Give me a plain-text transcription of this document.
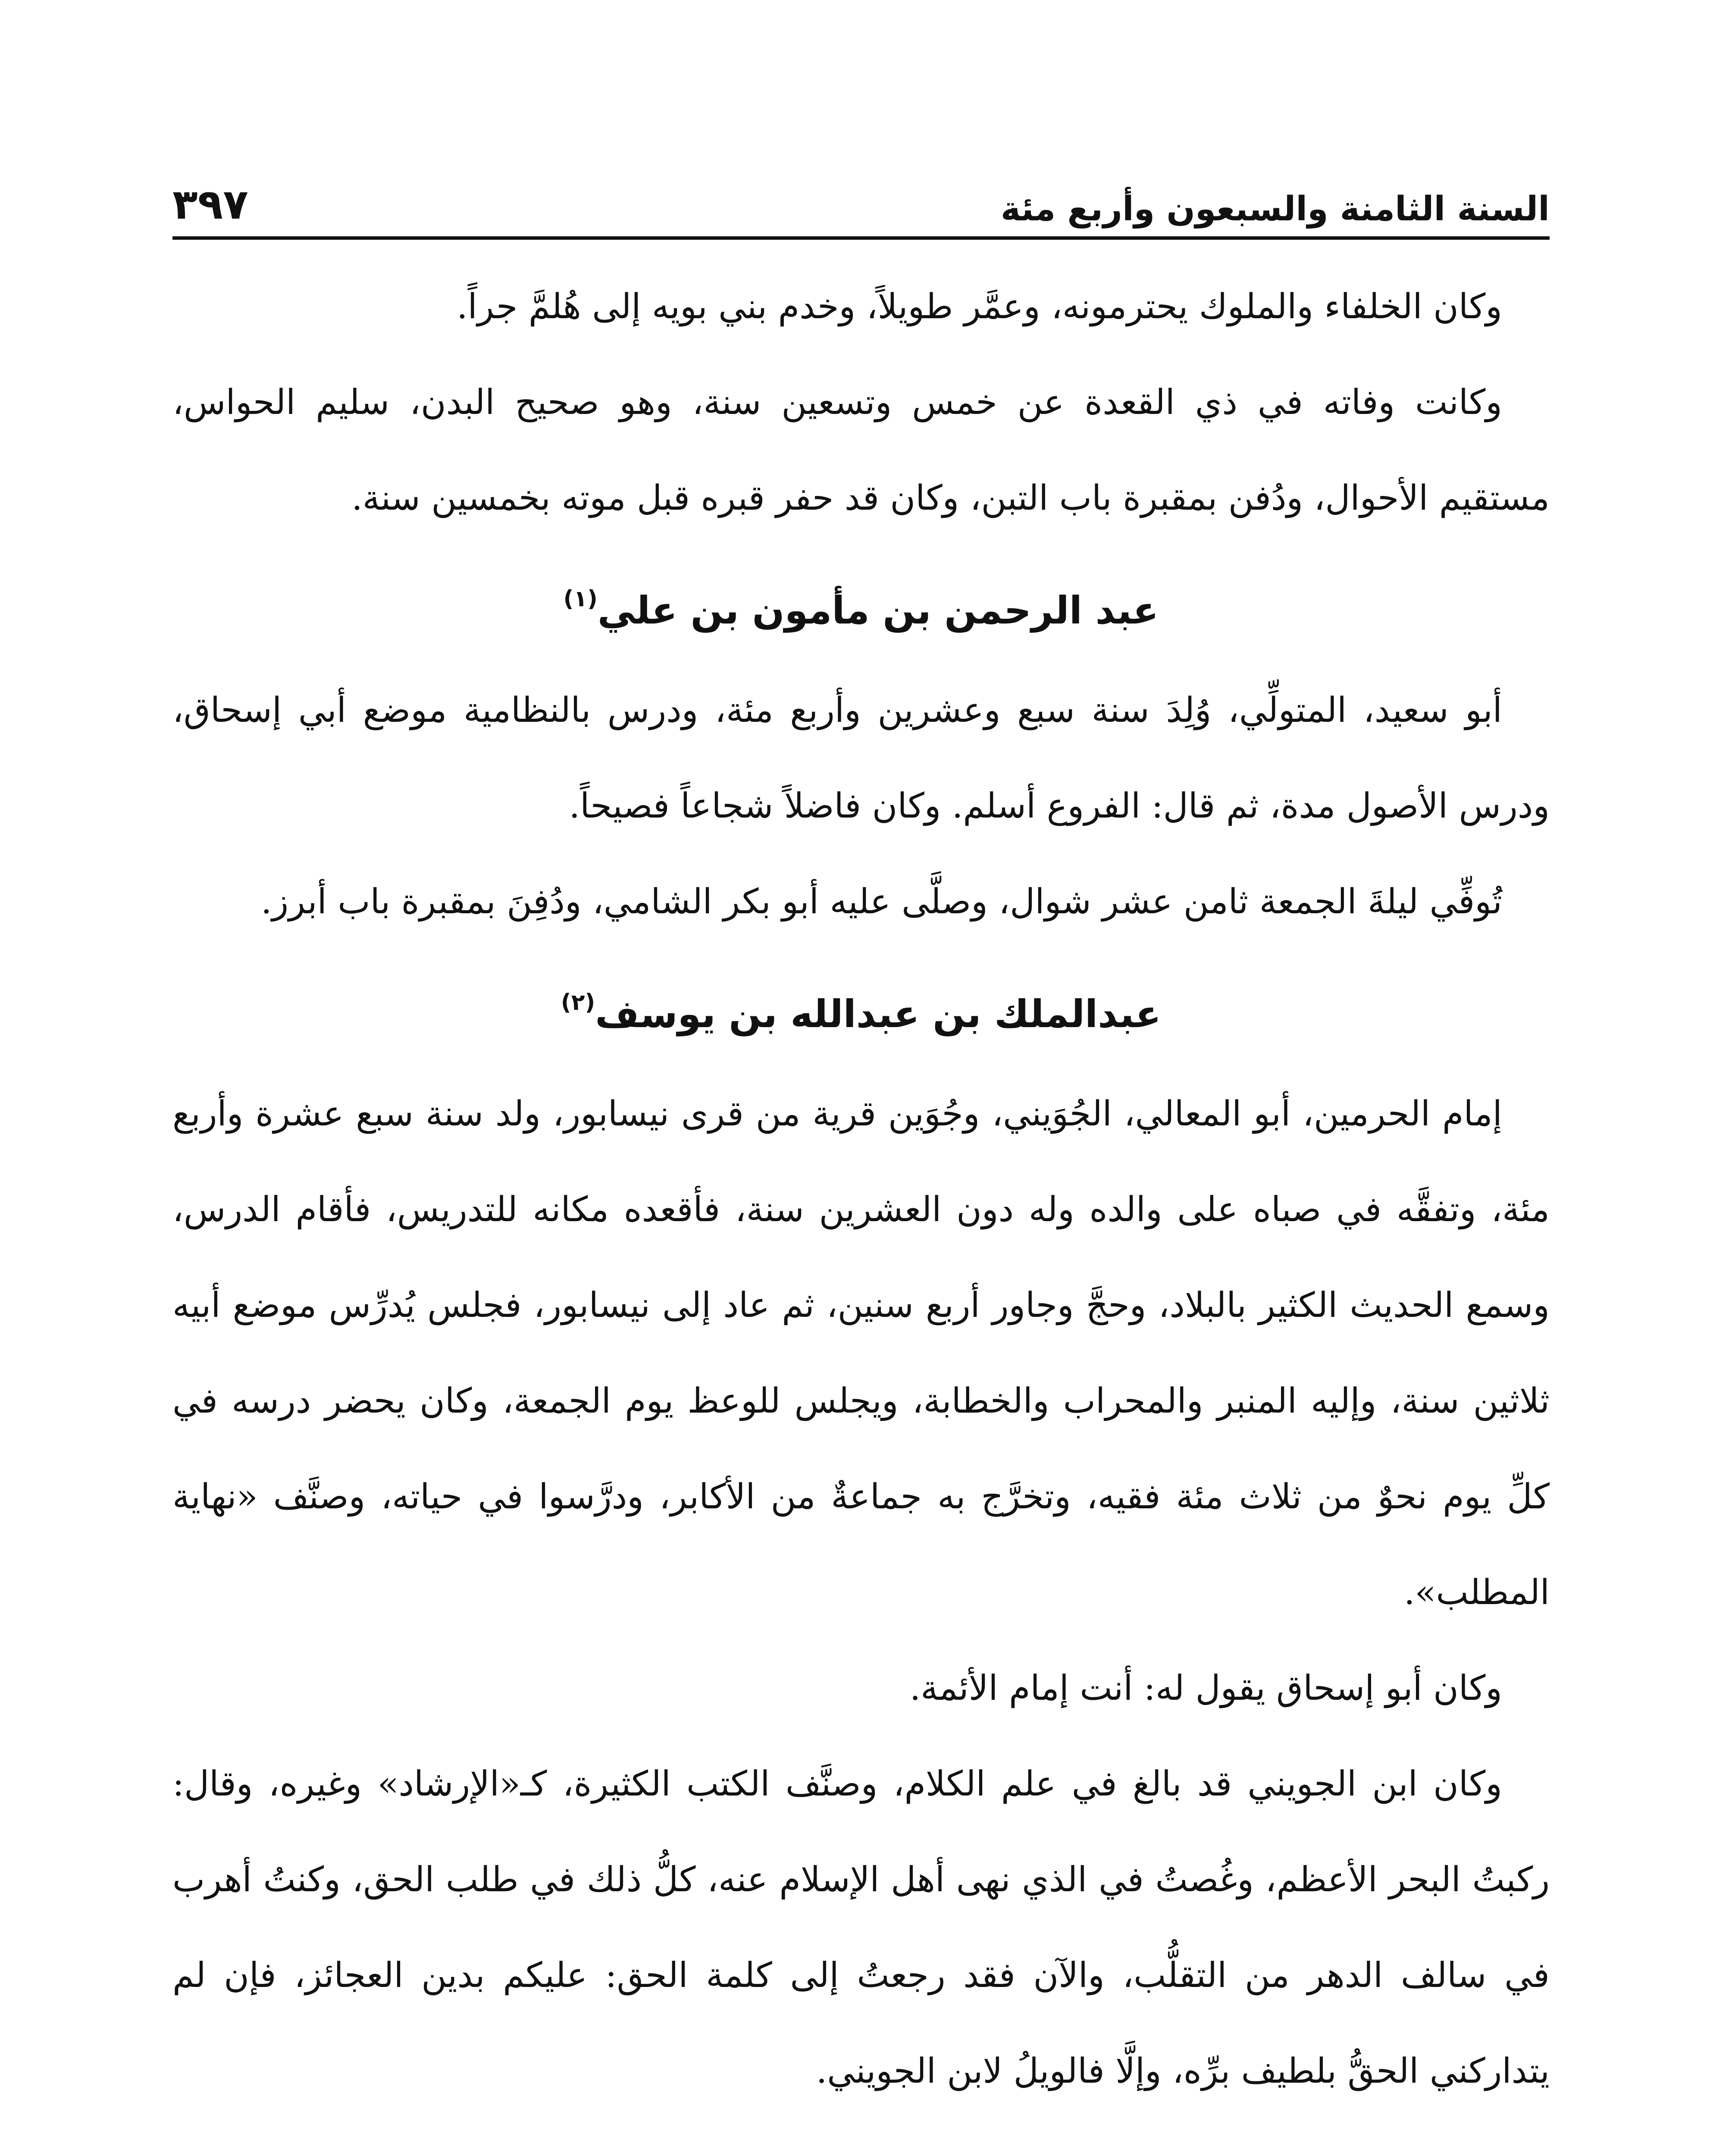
السنة الثامنة والسبعون وأربع مئة
٣٩٧

وكان الخلفاء والملوك يحترمونه، وعمَّر طويلاً، وخدم بني بويه إلى هُلمَّ جراً.

وكانت وفاته في ذي القعدة عن خمس وتسعين سنة، وهو صحيح البدن، سليم الحواس، مستقيم الأحوال، ودُفن بمقبرة باب التبن، وكان قد حفر قبره قبل موته بخمسين سنة.

عبد الرحمن بن مأمون بن علي$^{(١)}$

أبو سعيد، المتولِّي، وُلِدَ سنة سبع وعشرين وأربع مئة، ودرس بالنظامية موضع أبي إسحاق، ودرس الأصول مدة، ثم قال: الفروع أسلم. وكان فاضلاً شجاعاً فصيحاً.

تُوفِّي ليلةَ الجمعة ثامن عشر شوال، وصلَّى عليه أبو بكر الشامي، ودُفِنَ بمقبرة باب أبرز.

عبدالملك بن عبدالله بن يوسف$^{(٢)}$

إمام الحرمين، أبو المعالي، الجُوَيني، وجُوَين قرية من قرى نيسابور، ولد سنة سبع عشرة وأربع مئة، وتفقَّه في صباه على والده وله دون العشرين سنة، فأقعده مكانه للتدريس، فأقام الدرس، وسمع الحديث الكثير بالبلاد، وحجَّ وجاور أربع سنين، ثم عاد إلى نيسابور، فجلس يُدرِّس موضع أبيه ثلاثين سنة، وإليه المنبر والمحراب والخطابة، ويجلس للوعظ يوم الجمعة، وكان يحضر درسه في كلِّ يوم نحوٌ من ثلاث مئة فقيه، وتخرَّج به جماعةٌ من الأكابر، ودرَّسوا في حياته، وصنَّف «نهاية المطلب».

وكان أبو إسحاق يقول له: أنت إمام الأئمة.

وكان ابن الجويني قد بالغ في علم الكلام، وصنَّف الكتب الكثيرة، كـ«الإرشاد» وغيره، وقال: ركبتُ البحر الأعظم، وغُصتُ في الذي نهى أهل الإسلام عنه، كلُّ ذلك في طلب الحق، وكنتُ أهرب في سالف الدهر من التقلُّب، والآن فقد رجعتُ إلى كلمة الحق: عليكم بدين العجائز، فإن لم يتداركني الحقُّ بلطيف برِّه، وإلَّا فالويلُ لابن الجويني.
